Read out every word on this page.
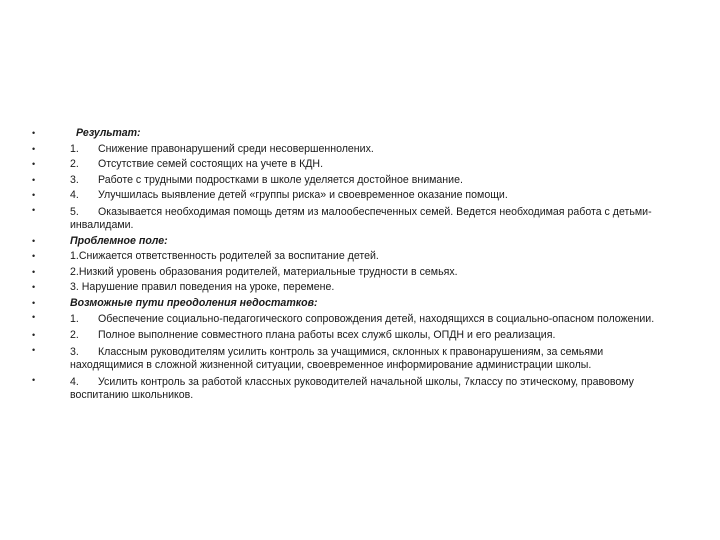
•	Результат:
•	1. Снижение правонарушений среди несовершеннолених.
•	2. Отсутствие семей состоящих на учете в КДН.
•	3. Работе с трудными подростками в школе уделяется достойное внимание.
•	4. Улучшилась выявление детей «группы риска» и своевременное оказание помощи.
•	5. Оказывается необходимая помощь детям из малообеспеченных семей. Ведется необходимая работа с детьми-инвалидами.
•	Проблемное поле:
•	1.Снижается ответственность родителей за воспитание детей.
•	2.Низкий уровень образования родителей, материальные трудности в семьях.
•	3. Нарушение правил поведения на уроке, перемене.
•	Возможные пути преодоления недостатков:
•	1. Обеспечение социально-педагогического сопровождения детей, находящихся в социально-опасном положении.
•	2. Полное выполнение совместного плана работы всех служб школы, ОПДН и его реализация.
•	3. Классным руководителям усилить контроль за учащимися, склонных к правонарушениям, за семьями находящимися в сложной жизненной ситуации, своевременное информирование администрации школы.
•	4. Усилить контроль за работой классных руководителей начальной школы, 7классу по этическому, правовому воспитанию школьников.
